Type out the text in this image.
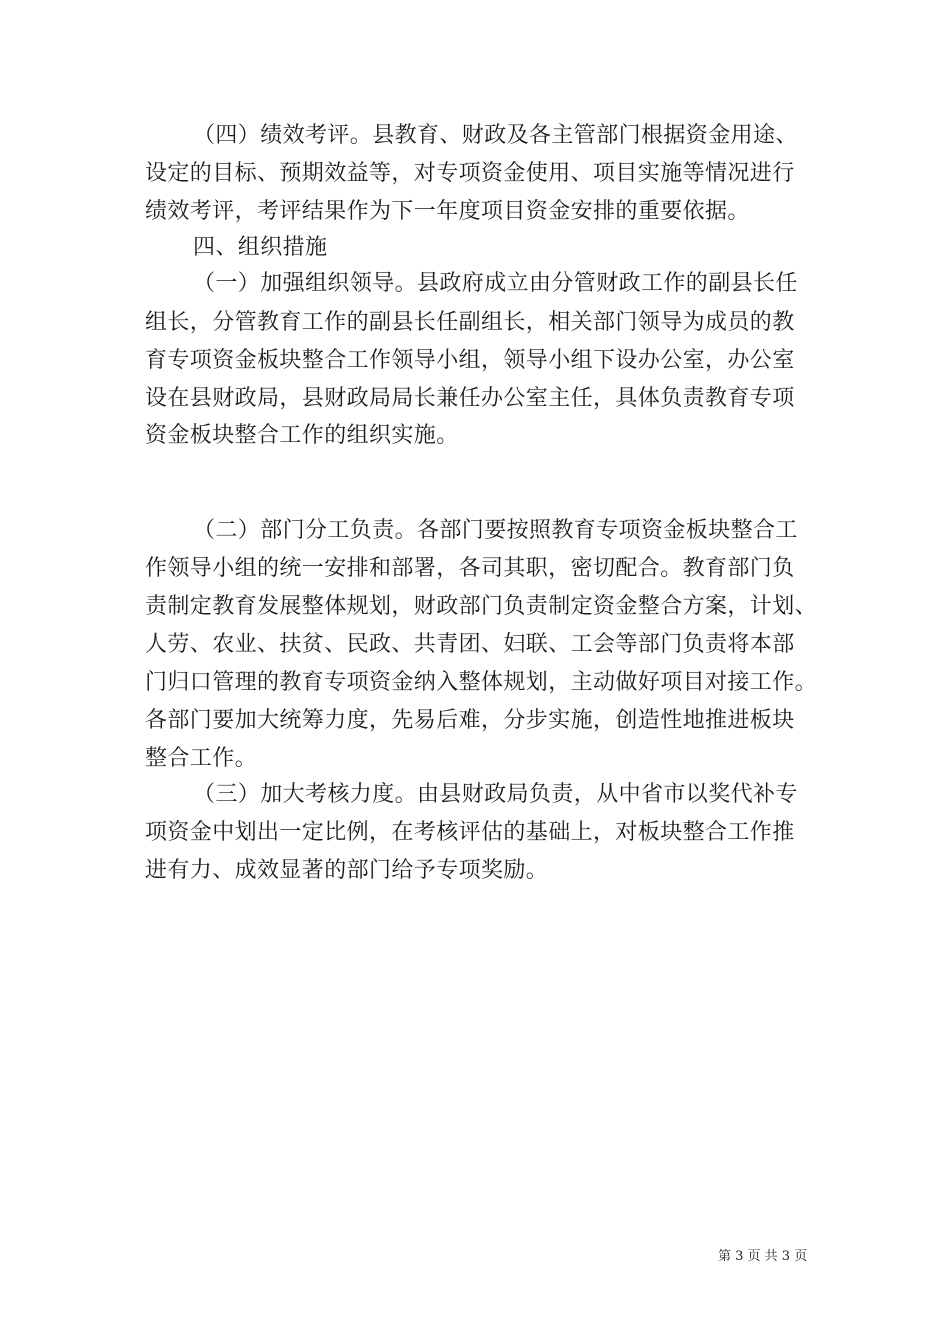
（四）绩效考评。县教育、财政及各主管部门根据资金用途、
设定的目标、预期效益等，对专项资金使用、项目实施等情况进行
绩效考评，考评结果作为下一年度项目资金安排的重要依据。
四、组织措施
（一）加强组织领导。县政府成立由分管财政工作的副县长任
组长，分管教育工作的副县长任副组长，相关部门领导为成员的教
育专项资金板块整合工作领导小组，领导小组下设办公室，办公室
设在县财政局，县财政局局长兼任办公室主任，具体负责教育专项
资金板块整合工作的组织实施。
（二）部门分工负责。各部门要按照教育专项资金板块整合工
作领导小组的统一安排和部署，各司其职，密切配合。教育部门负
责制定教育发展整体规划，财政部门负责制定资金整合方案，计划、
人劳、农业、扶贫、民政、共青团、妇联、工会等部门负责将本部
门归口管理的教育专项资金纳入整体规划，主动做好项目对接工作。
各部门要加大统筹力度，先易后难，分步实施，创造性地推进板块
整合工作。
（三）加大考核力度。由县财政局负责，从中省市以奖代补专
项资金中划出一定比例，在考核评估的基础上，对板块整合工作推
进有力、成效显著的部门给予专项奖励。
第 3 页 共 3 页
